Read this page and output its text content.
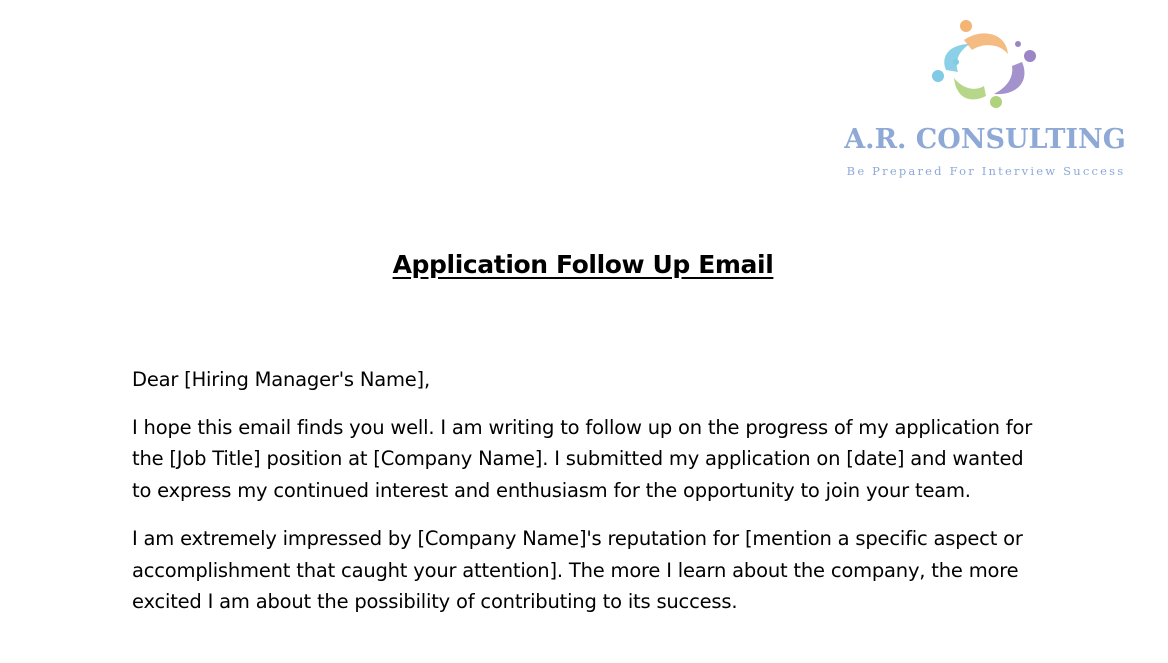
A.R. CONSULTING
Be Prepared For Interview Success
Application Follow Up Email

Dear [Hiring Manager's Name],

I hope this email finds you well. I am writing to follow up on the progress of my application for the [Job Title] position at [Company Name]. I submitted my application on [date] and wanted to express my continued interest and enthusiasm for the opportunity to join your team.

I am extremely impressed by [Company Name]'s reputation for [mention a specific aspect or accomplishment that caught your attention]. The more I learn about the company, the more excited I am about the possibility of contributing to its success.
